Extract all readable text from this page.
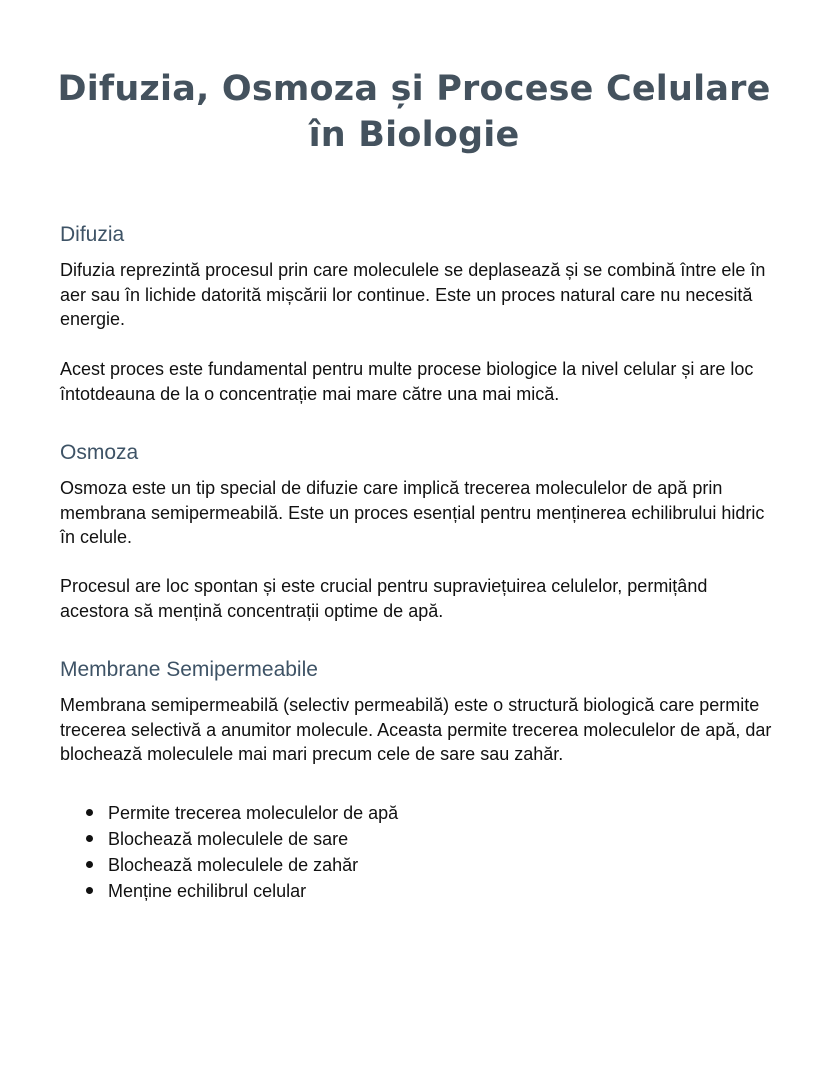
Difuzia, Osmoza și Procese Celulare
în Biologie
Difuzia

Difuzia reprezintă procesul prin care moleculele se deplasează și se combină între ele în aer sau în lichide datorită mișcării lor continue. Este un proces natural care nu necesită energie.

Acest proces este fundamental pentru multe procese biologice la nivel celular și are loc întotdeauna de la o concentrație mai mare către una mai mică.

Osmoza

Osmoza este un tip special de difuzie care implică trecerea moleculelor de apă prin membrana semipermeabilă. Este un proces esențial pentru menținerea echilibrului hidric în celule.

Procesul are loc spontan și este crucial pentru supraviețuirea celulelor, permițând acestora să mențină concentrații optime de apă.

Membrane Semipermeabile

Membrana semipermeabilă (selectiv permeabilă) este o structură biologică care permite trecerea selectivă a anumitor molecule. Aceasta permite trecerea moleculelor de apă, dar blochează moleculele mai mari precum cele de sare sau zahăr.

Permite trecerea moleculelor de apă
Blochează moleculele de sare
Blochează moleculele de zahăr
Menține echilibrul celular
